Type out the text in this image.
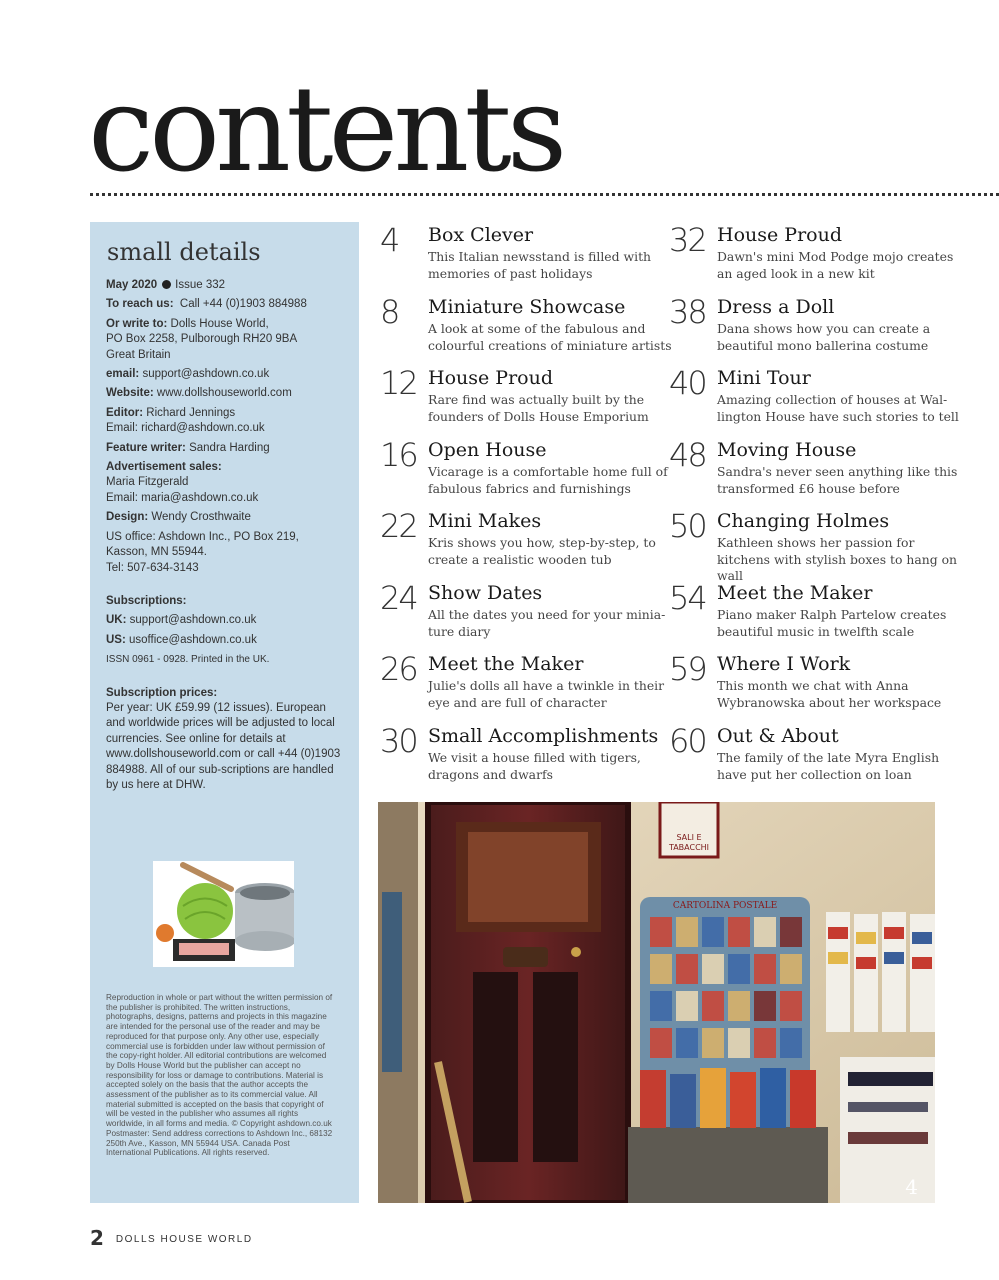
contents
small details

May 2020 Issue 332

To reach us: Call +44 (0)1903 884988

Or write to: Dolls House World,
PO Box 2258, Pulborough RH20 9BA
Great Britain

email: support@ashdown.co.uk

Website: www.dollshouseworld.com

Editor: Richard Jennings
Email: richard@ashdown.co.uk

Feature writer: Sandra Harding

Advertisement sales:
Maria Fitzgerald
Email: maria@ashdown.co.uk

Design: Wendy Crosthwaite

US office: Ashdown Inc., PO Box 219,
Kasson, MN 55944.
Tel: 507-634-3143

Subscriptions:

UK: support@ashdown.co.uk

US: usoffice@ashdown.co.uk

ISSN 0961 - 0928. Printed in the UK.

Subscription prices:
Per year: UK £59.99 (12 issues). European and worldwide prices will be adjusted to local currencies. See online for details at www.dollshouseworld.com or call +44 (0)1903 884988. All of our sub-scriptions are handled by us here at DHW.

Reproduction in whole or part without the written permission of the publisher is prohibited. The written instructions, photographs, designs, patterns and projects in this magazine are intended for the personal use of the reader and may be reproduced for that purpose only. Any other use, especially commercial use is forbidden under law without permission of the copy-right holder. All editorial contributions are welcomed by Dolls House World but the publisher can accept no responsibility for loss or damage to contributions. Material is accepted solely on the basis that the author accepts the assessment of the publisher as to its commercial value. All material submitted is accepted on the basis that copyright of will be vested in the publisher who assumes all rights worldwide, in all forms and media. © Copyright ashdown.co.uk

Postmaster: Send address corrections to Ashdown Inc., 68132 250th Ave., Kasson, MN 55944 USA. Canada Post International Publications. All rights reserved.

4 Box Clever
This Italian newsstand is filled with memories of past holidays
8 Miniature Showcase
A look at some of the fabulous and colourful creations of miniature artists
12 House Proud
Rare find was actually built by the founders of Dolls House Emporium
16 Open House
Vicarage is a comfortable home full of fabulous fabrics and furnishings
22 Mini Makes
Kris shows you how, step-by-step, to create a realistic wooden tub
24 Show Dates
All the dates you need for your minia-ture diary
26 Meet the Maker
Julie's dolls all have a twinkle in their eye and are full of character
30 Small Accomplishments
We visit a house filled with tigers, dragons and dwarfs
32 House Proud
Dawn's mini Mod Podge mojo creates an aged look in a new kit
38 Dress a Doll
Dana shows how you can create a beautiful mono ballerina costume
40 Mini Tour
Amazing collection of houses at Wal-lington House have such stories to tell
48 Moving House
Sandra's never seen anything like this transformed £6 house before
50 Changing Holmes
Kathleen shows her passion for kitchens with stylish boxes to hang on wall
54 Meet the Maker
Piano maker Ralph Partelow creates beautiful music in twelfth scale
59 Where I Work
This month we chat with Anna Wybranowska about her workspace
60 Out & About
The family of the late Myra English have put her collection on loan
SALI E
TABACCHI
CARTOLINA POSTALE
4
2 DOLLS HOUSE WORLD
